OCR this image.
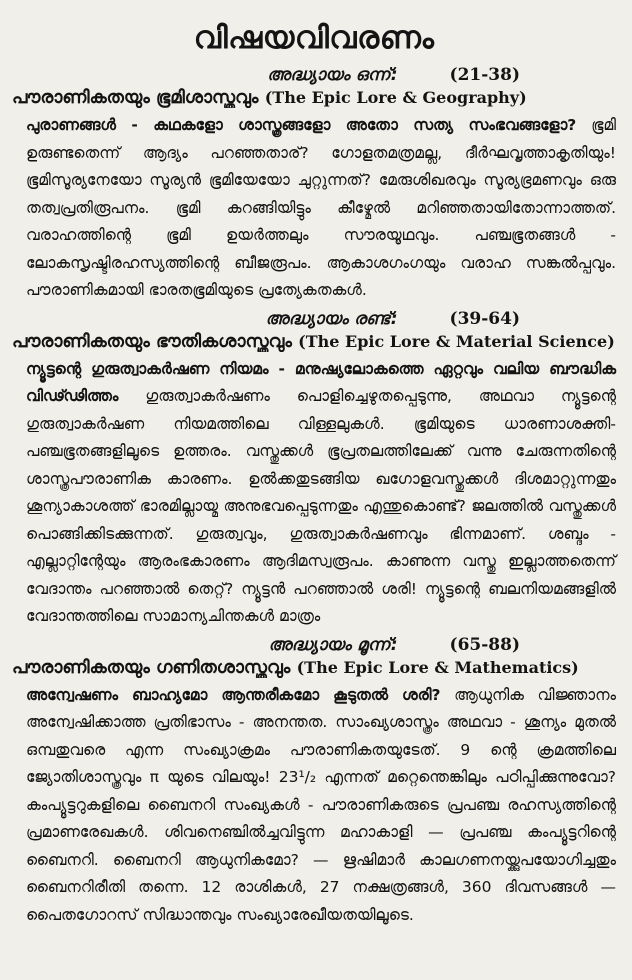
വിഷയവിവരണം
അദ്ധ്യായം ഒന്ന്:	(21-38)
പൗരാണികതയും ഭൂമിശാസ്ത്രവും (The Epic Lore & Geography)

പുരാണങ്ങൾ - കഥകളോ ശാസ്ത്രങ്ങളോ അതോ സത്യ സംഭവങ്ങളോ? ഭൂമി ഉരുണ്ടതെന്ന് ആദ്യം പറഞ്ഞതാര്? ഗോളതമത്രമല്ല, ദീർഘവൃത്താകൃതിയും! ഭൂമിസൂര്യനേയോ സൂര്യൻ ഭൂമിയേയോ ചുറ്റുന്നത്? മേരുശിഖരവും സൂര്യഭ്രമണവും ഒരു തത്വപ്രതിരൂപനം. ഭൂമി കറങ്ങിയിട്ടും കീഴ്മേൽ മറിഞ്ഞതായിതോന്നാത്തത്. വരാഹത്തിന്റെ ഭൂമി ഉയർത്തലും സൗരയൂഥവും. പഞ്ചഭൂതങ്ങൾ - ലോകസൃഷ്ടിരഹസ്യത്തിന്റെ ബീജരൂപം. ആകാശഗംഗയും വരാഹ സങ്കൽപ്പവും. പൗരാണികമായി ഭാരതഭൂമിയുടെ പ്രത്യേകതകൾ.

അദ്ധ്യായം രണ്ട്:	(39-64)
പൗരാണികതയും ഭൗതികശാസ്ത്രവും (The Epic Lore & Material Science)

ന്യൂട്ടന്റെ ഗുരുത്വാകർഷണ നിയമം - മനുഷ്യലോകത്തെ ഏറ്റവും വലിയ ബൗദ്ധിക വിഢ്ഢിത്തം ഗുരുത്വാകർഷണം പൊളിച്ചെഴുതപ്പെടുന്നു, അഥവാ ന്യൂട്ടന്റെ ഗുരുത്വാകർഷണ നിയമത്തിലെ വിള്ളലുകൾ. ഭൂമിയുടെ ധാരണാശക്തി-പഞ്ചഭൂതങ്ങളിലൂടെ ഉത്തരം. വസ്തുക്കൾ ഭൂപ്രതലത്തിലേക്ക് വന്നു ചേരുന്നതിന്റെ ശാസ്ത്രപൗരാണിക കാരണം. ഉൽക്കതുടങ്ങിയ ഖഗോളവസ്തുക്കൾ ദിശമാറ്റുന്നതും ശൂന്യാകാശത്ത് ഭാരമില്ലായ്മ അനുഭവപ്പെടുന്നതും എന്തുകൊണ്ട്? ജലത്തിൽ വസ്തുക്കൾ പൊങ്ങിക്കിടക്കുന്നത്. ഗുരുത്വവും, ഗുരുത്വാകർഷണവും ഭിന്നമാണ്. ശബ്ദം - എല്ലാറ്റിന്റേയും ആരംഭകാരണം ആദിമസ്വരൂപം. കാണുന്ന വസ്തു ഇല്ലാത്തതെന്ന് വേദാന്തം പറഞ്ഞാൽ തെറ്റ്? ന്യൂട്ടൻ പറഞ്ഞാൽ ശരി! ന്യൂട്ടന്റെ ബലനിയമങ്ങളിൽ വേദാന്തത്തിലെ സാമാന്യചിന്തകൾ മാത്രം

അദ്ധ്യായം മൂന്ന്:	(65-88)
പൗരാണികതയും ഗണിതശാസ്ത്രവും (The Epic Lore & Mathematics)

അന്വേഷണം ബാഹ്യമോ ആന്തരീകമോ കൂടുതൽ ശരി? ആധുനിക വിജ്ഞാനം അന്വേഷിക്കാത്ത പ്രതിഭാസം - അനന്തത. സാംഖ്യശാസ്ത്രം അഥവാ - ശൂന്യം മുതൽ ഒമ്പതുവരെ എന്ന സംഖ്യാക്രമം പൗരാണികതയുടേത്. 9 ന്റെ ക്രമത്തിലെ ജ്യോതിശാസ്ത്രവും π യുടെ വിലയും! 23¹/₂ എന്നത് മറ്റെന്തെങ്കിലും പഠിപ്പിക്കുന്നുവോ? കംപ്യൂട്ടറുകളിലെ ബൈനറി സംഖ്യകൾ - പൗരാണികരുടെ പ്രപഞ്ച രഹസ്യത്തിന്റെ പ്രമാണരേഖകൾ. ശിവനെഞ്ചിൽച്ചവിട്ടുന്ന മഹാകാളി — പ്രപഞ്ച കംപ്യൂട്ടറിന്റെ ബൈനറി. ബൈനറി ആധുനികമോ? — ഋഷിമാർ കാലഗണനയ്ക്കുപയോഗിച്ചതും ബൈനറിരീതി തന്നെ. 12 രാശികൾ, 27 നക്ഷത്രങ്ങൾ, 360 ദിവസങ്ങൾ — പൈതഗോറസ് സിദ്ധാന്തവും സംഖ്യാരേഖീയതയിലൂടെ.
